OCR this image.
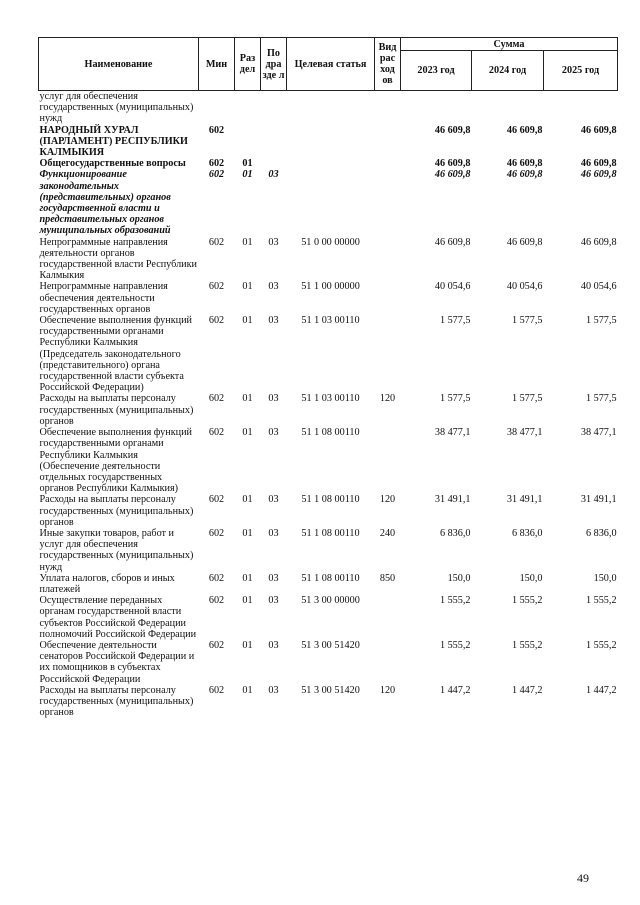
Наименование	Мин	Раз дел	По дра зде л	Целевая статья	Вид рас ход ов	Сумма		
						2023 год	2024 год	2025 год
услуг для обеспечения государственных (муниципальных) нужд								
НАРОДНЫЙ ХУРАЛ (ПАРЛАМЕНТ) РЕСПУБЛИКИ КАЛМЫКИЯ	602					46 609,8	46 609,8	46 609,8
Общегосударственные вопросы	602	01				46 609,8	46 609,8	46 609,8
Функционирование законодательных (представительных) органов государственной власти и представительных органов муниципальных образований	602	01	03			46 609,8	46 609,8	46 609,8
Непрограммные направления деятельности органов государственной власти Республики Калмыкия	602	01	03	51 0 00 00000		46 609,8	46 609,8	46 609,8
Непрограммные направления обеспечения деятельности государственных органов	602	01	03	51 1 00 00000		40 054,6	40 054,6	40 054,6
Обеспечение выполнения функций государственными органами Республики Калмыкия (Председатель законодательного (представительного) органа государственной власти субъекта Российской Федерации)	602	01	03	51 1 03 00110		1 577,5	1 577,5	1 577,5
Расходы на выплаты персоналу государственных (муниципальных) органов	602	01	03	51 1 03 00110	120	1 577,5	1 577,5	1 577,5
Обеспечение выполнения функций государственными органами Республики Калмыкия (Обеспечение деятельности отдельных государственных органов Республики Калмыкия)	602	01	03	51 1 08 00110		38 477,1	38 477,1	38 477,1
Расходы на выплаты персоналу государственных (муниципальных) органов	602	01	03	51 1 08 00110	120	31 491,1	31 491,1	31 491,1
Иные закупки товаров, работ и услуг для обеспечения государственных (муниципальных) нужд	602	01	03	51 1 08 00110	240	6 836,0	6 836,0	6 836,0
Уплата налогов, сборов и иных платежей	602	01	03	51 1 08 00110	850	150,0	150,0	150,0
Осуществление переданных органам государственной власти субъектов Российской Федерации полномочий Российской Федерации	602	01	03	51 3 00 00000		1 555,2	1 555,2	1 555,2
Обеспечение деятельности сенаторов Российской Федерации и их помощников в субъектах Российской Федерации	602	01	03	51 3 00 51420		1 555,2	1 555,2	1 555,2
Расходы на выплаты персоналу государственных (муниципальных) органов	602	01	03	51 3 00 51420	120	1 447,2	1 447,2	1 447,2
49
